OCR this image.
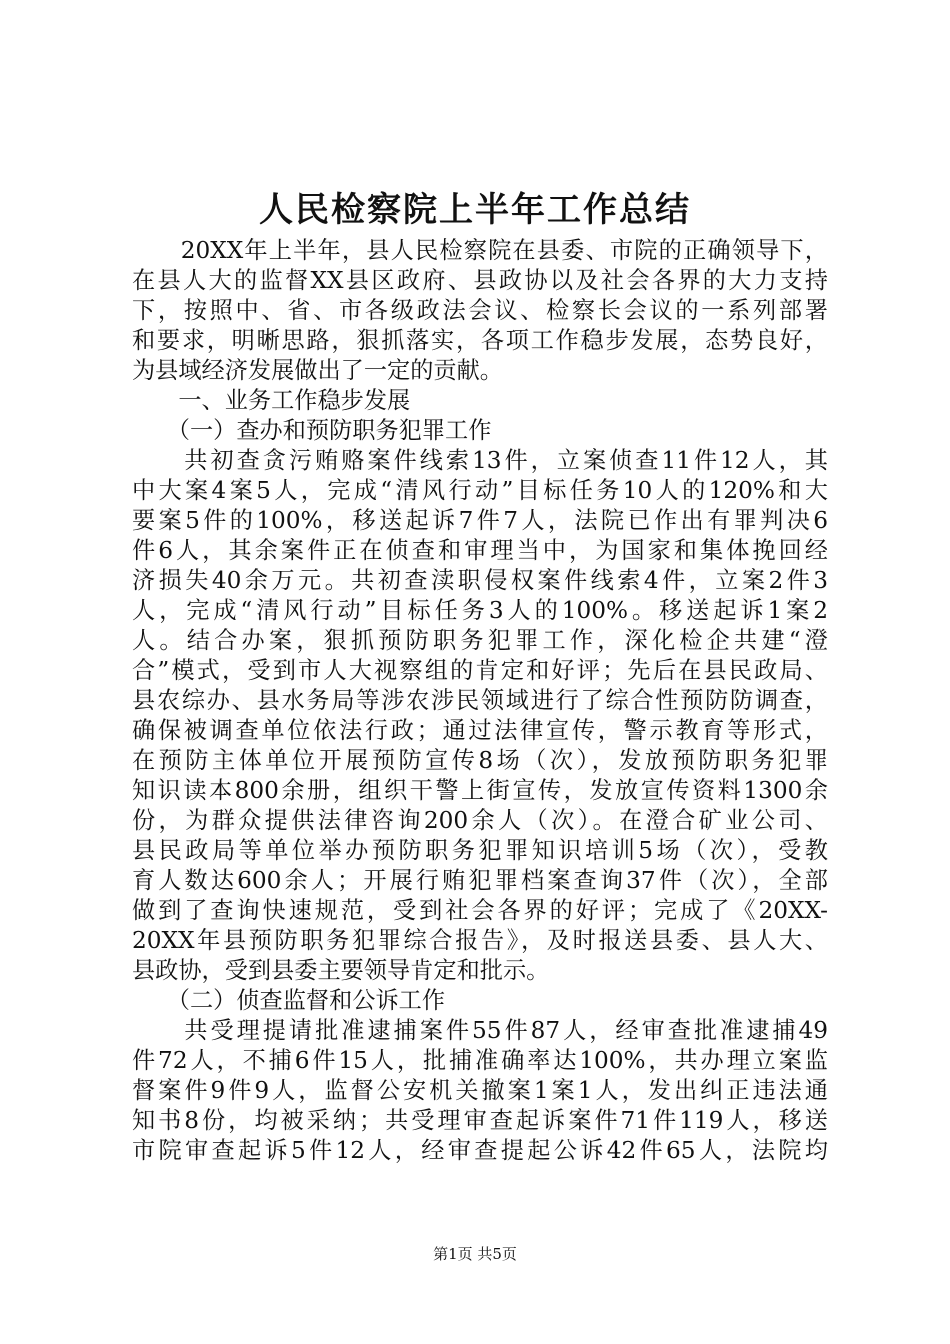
人民检察院上半年工作总结
　　20XX年上半年，县人民检察院在县委、市院的正确领导下，
在县人大的监督XX县区政府、县政协以及社会各界的大力支持
下，按照中、省、市各级政法会议、检察长会议的一系列部署
和要求，明晰思路，狠抓落实，各项工作稳步发展，态势良好，
为县域经济发展做出了一定的贡献。
　　一、业务工作稳步发展
　　（一）查办和预防职务犯罪工作
　　共初查贪污贿赂案件线索13件，立案侦查11件12人，其
中大案4案5人，完成“清风行动”目标任务10人的120%和大
要案5件的100%，移送起诉7件7人，法院已作出有罪判决6
件6人，其余案件正在侦查和审理当中，为国家和集体挽回经
济损失40余万元。共初查渎职侵权案件线索4件，立案2件3
人，完成“清风行动”目标任务3人的100%。移送起诉1案2
人。结合办案，狠抓预防职务犯罪工作，深化检企共建“澄
合”模式，受到市人大视察组的肯定和好评；先后在县民政局、
县农综办、县水务局等涉农涉民领域进行了综合性预防防调查，
确保被调查单位依法行政；通过法律宣传，警示教育等形式，
在预防主体单位开展预防宣传8场（次），发放预防职务犯罪
知识读本800余册，组织干警上街宣传，发放宣传资料1300余
份，为群众提供法律咨询200余人（次）。在澄合矿业公司、
县民政局等单位举办预防职务犯罪知识培训5场（次），受教
育人数达600余人；开展行贿犯罪档案查询37件（次），全部
做到了查询快速规范，受到社会各界的好评；完成了《20XX-
20XX年县预防职务犯罪综合报告》，及时报送县委、县人大、
县政协，受到县委主要领导肯定和批示。
　　（二）侦查监督和公诉工作
　　共受理提请批准逮捕案件55件87人，经审查批准逮捕49
件72人，不捕6件15人，批捕准确率达100%，共办理立案监
督案件9件9人，监督公安机关撤案1案1人，发出纠正违法通
知书8份，均被采纳；共受理审查起诉案件71件119人，移送
市院审查起诉5件12人，经审查提起公诉42件65人，法院均
第1页 共5页
